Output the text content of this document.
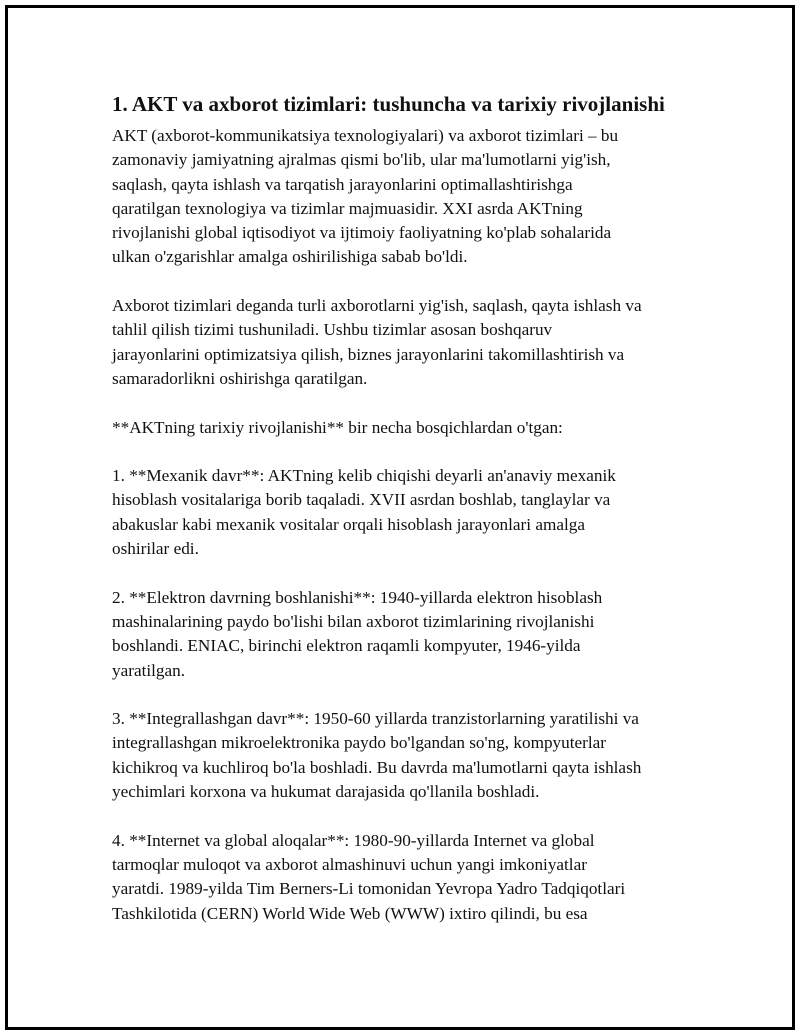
1. AKT va axborot tizimlari: tushuncha va tarixiy rivojlanishi
AKT (axborot-kommunikatsiya texnologiyalari) va axborot tizimlari – bu
zamonaviy jamiyatning ajralmas qismi bo'lib, ular ma'lumotlarni yig'ish,
saqlash, qayta ishlash va tarqatish jarayonlarini optimallashtirishga
qaratilgan texnologiya va tizimlar majmuasidir. XXI asrda AKTning
rivojlanishi global iqtisodiyot va ijtimoiy faoliyatning ko'plab sohalarida
ulkan o'zgarishlar amalga oshirilishiga sabab bo'ldi.
Axborot tizimlari deganda turli axborotlarni yig'ish, saqlash, qayta ishlash va
tahlil qilish tizimi tushuniladi. Ushbu tizimlar asosan boshqaruv
jarayonlarini optimizatsiya qilish, biznes jarayonlarini takomillashtirish va
samaradorlikni oshirishga qaratilgan.
**AKTning tarixiy rivojlanishi** bir necha bosqichlardan o'tgan:
1. **Mexanik davr**: AKTning kelib chiqishi deyarli an'anaviy mexanik
hisoblash vositalariga borib taqaladi. XVII asrdan boshlab, tanglaylar va
abakuslar kabi mexanik vositalar orqali hisoblash jarayonlari amalga
oshirilar edi.
2. **Elektron davrning boshlanishi**: 1940-yillarda elektron hisoblash
mashinalarining paydo bo'lishi bilan axborot tizimlarining rivojlanishi
boshlandi. ENIAC, birinchi elektron raqamli kompyuter, 1946-yilda
yaratilgan.
3. **Integrallashgan davr**: 1950-60 yillarda tranzistorlarning yaratilishi va
integrallashgan mikroelektronika paydo bo'lgandan so'ng, kompyuterlar
kichikroq va kuchliroq bo'la boshladi. Bu davrda ma'lumotlarni qayta ishlash
yechimlari korxona va hukumat darajasida qo'llanila boshladi.
4. **Internet va global aloqalar**: 1980-90-yillarda Internet va global
tarmoqlar muloqot va axborot almashinuvi uchun yangi imkoniyatlar
yaratdi. 1989-yilda Tim Berners-Li tomonidan Yevropa Yadro Tadqiqotlari
Tashkilotida (CERN) World Wide Web (WWW) ixtiro qilindi, bu esa
